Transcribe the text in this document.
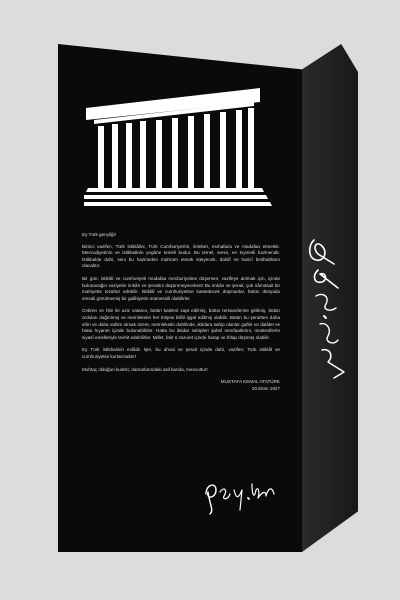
Ey Türk gençliği!

Birinci vazifen, Türk istiklâlini, Türk Cumhuriyeti'ni, ilelebet, muhafaza ve müdafaa etmektir. Mevcudiyetinin ve istikbalinin yegâne temeli budur. Bu temel, senin, en kıymetli hazinendir. İstikbalde dahi, seni bu hazineden mahrum etmek isteyecek, dahilî ve haricî bedhahların olacaktır.

Bir gün, istiklâl ve cumhuriyeti müdafaa mecburiyetine düşersen, vazifeye atılmak için, içinde bulunacağın vaziyetin imkân ve şeraitini düşünmeyeceksin! Bu imkân ve şerait, çok nâmüsait bir mahiyette tezahür edebilir. İstiklâl ve cumhuriyetine kastedecek düşmanlar, bütün dünyada emsali görülmemiş bir galibiyetin mümessili olabilirler.

Cebren ve hile ile aziz vatanın, bütün kaleleri zapt edilmiş, bütün tersanelerine girilmiş, bütün orduları dağıtılmış ve memleketin her köşesi bilfiil işgal edilmiş olabilir. Bütün bu şeraitten daha elîm ve daha vahim olmak üzere, memleketin dahilinde, iktidara sahip olanlar gaflet ve dalâlet ve hatta hıyanet içinde bulunabilirler. Hatta bu iktidar sahipleri şahsî menfaatlerini, müstevlilerin siyasî emelleriyle tevhit edebilirler. Millet, fakr ü zaruret içinde harap ve bîtap düşmüş olabilir.

Ey Türk istikbalinin evlâdı! İşte, bu ahval ve şerait içinde dahi, vazifen; Türk istiklâl ve cumhuriyetini kurtarmaktır!

Muhtaç olduğun kudret, damarlarındaki asil kanda, mevcuttur!

MUSTAFA KEMAL ATATÜRK

20 Ekim 1927
